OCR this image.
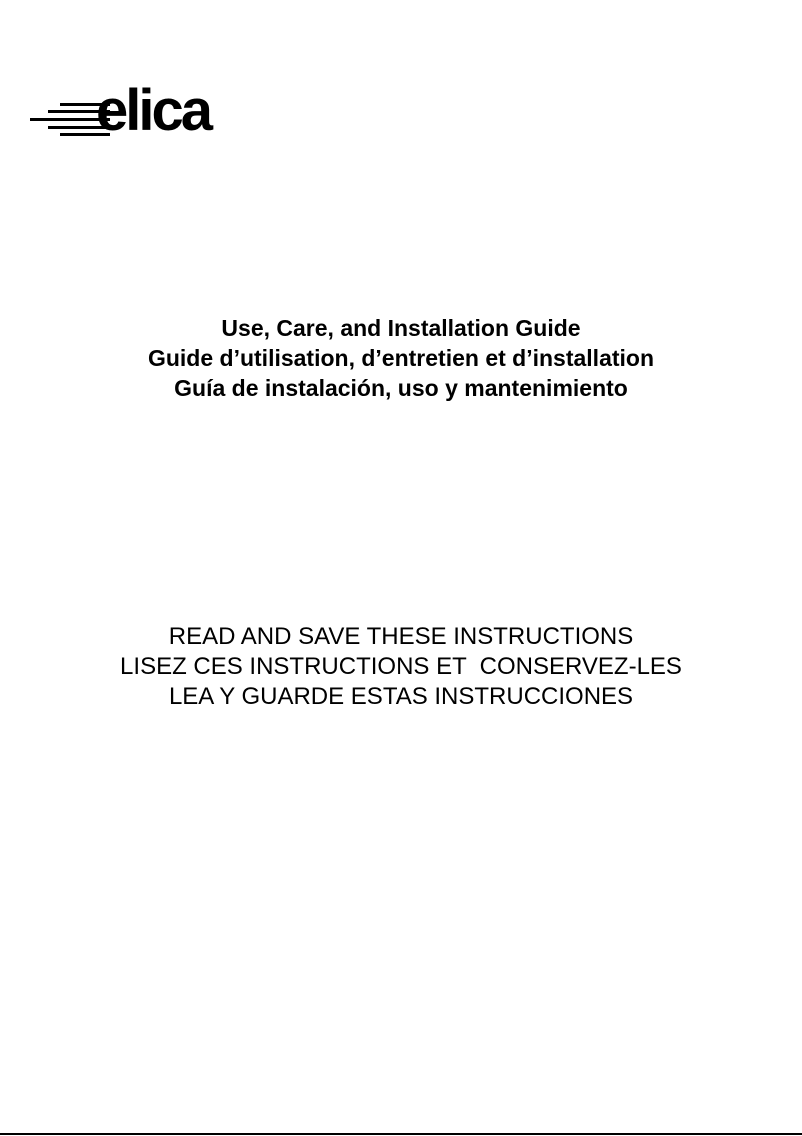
elica
Use, Care, and Installation Guide
Guide d’utilisation, d’entretien et d’installation
Guía de instalación, uso y mantenimiento
READ AND SAVE THESE INSTRUCTIONS
LISEZ CES INSTRUCTIONS ET  CONSERVEZ-LES
LEA Y GUARDE ESTAS INSTRUCCIONES
